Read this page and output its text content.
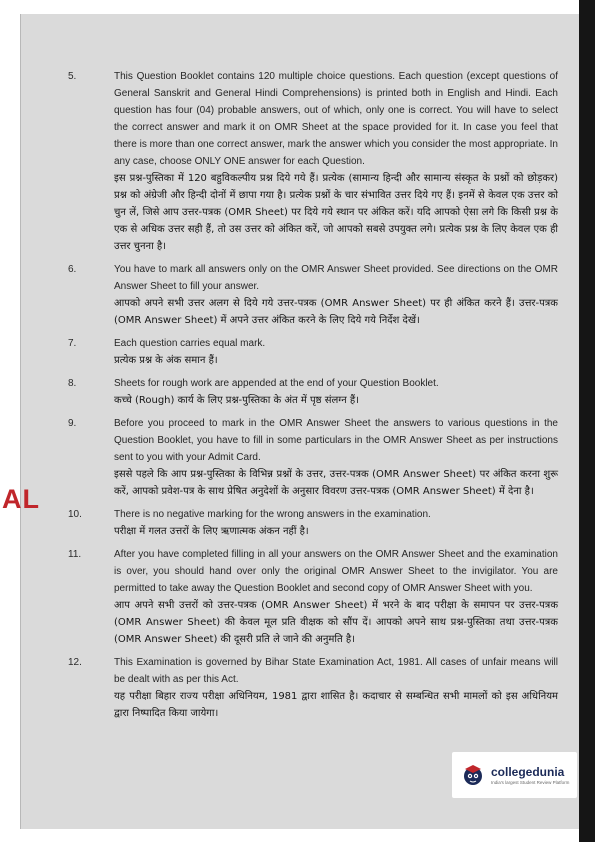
AL
5.	This Question Booklet contains 120 multiple choice questions. Each question (except questions of General Sanskrit and General Hindi Comprehensions) is printed both in English and Hindi. Each question has four (04) probable answers, out of which, only one is correct. You will have to select the correct answer and mark it on OMR Sheet at the space provided for it. In case you feel that there is more than one correct answer, mark the answer which you consider the most appropriate. In any case, choose ONLY ONE answer for each Question.

इस प्रश्न-पुस्तिका में 120 बहुविकल्पीय प्रश्न दिये गये हैं। प्रत्येक (सामान्य हिन्दी और सामान्य संस्कृत के प्रश्नों को छोड़कर) प्रश्न को अंग्रेजी और हिन्दी दोनों में छापा गया है। प्रत्येक प्रश्नों के चार संभावित उत्तर दिये गए हैं। इनमें से केवल एक उत्तर को चुन लें, जिसे आप उत्तर-पत्रक (OMR Sheet) पर दिये गये स्थान पर अंकित करें। यदि आपको ऐसा लगे कि किसी प्रश्न के एक से अधिक उत्तर सही हैं, तो उस उत्तर को अंकित करें, जो आपको सबसे उपयुक्त लगे। प्रत्येक प्रश्न के लिए केवल एक ही उत्तर चुनना है।

6.	You have to mark all answers only on the OMR Answer Sheet provided. See directions on the OMR Answer Sheet to fill your answer.

आपको अपने सभी उत्तर अलग से दिये गये उत्तर-पत्रक (OMR Answer Sheet) पर ही अंकित करने हैं। उत्तर-पत्रक (OMR Answer Sheet) में अपने उत्तर अंकित करने के लिए दिये गये निर्देश देखें।

7.	Each question carries equal mark.

प्रत्येक प्रश्न के अंक समान हैं।

8.	Sheets for rough work are appended at the end of your Question Booklet.

कच्चे (Rough) कार्य के लिए प्रश्न-पुस्तिका के अंत में पृष्ठ संलग्न हैं।

9.	Before you proceed to mark in the OMR Answer Sheet the answers to various questions in the Question Booklet, you have to fill in some particulars in the OMR Answer Sheet as per instructions sent to you with your Admit Card.

इससे पहले कि आप प्रश्न-पुस्तिका के विभिन्न प्रश्नों के उत्तर, उत्तर-पत्रक (OMR Answer Sheet) पर अंकित करना शुरू करें, आपको प्रवेश-पत्र के साथ प्रेषित अनुदेशों के अनुसार विवरण उत्तर-पत्रक (OMR Answer Sheet) में देना है।

10.	There is no negative marking for the wrong answers in the examination.

परीक्षा में गलत उत्तरों के लिए ऋणात्मक अंकन नहीं है।

11.	After you have completed filling in all your answers on the OMR Answer Sheet and the examination is over, you should hand over only the original OMR Answer Sheet to the invigilator. You are permitted to take away the Question Booklet and second copy of OMR Answer Sheet with you.

आप अपने सभी उत्तरों को उत्तर-पत्रक (OMR Answer Sheet) में भरने के बाद परीक्षा के समापन पर उत्तर-पत्रक (OMR Answer Sheet) की केवल मूल प्रति वीक्षक को सौंप दें। आपको अपने साथ प्रश्न-पुस्तिका तथा उत्तर-पत्रक (OMR Answer Sheet) की दूसरी प्रति ले जाने की अनुमति है।

12.	This Examination is governed by Bihar State Examination Act, 1981. All cases of unfair means will be dealt with as per this Act.

यह परीक्षा बिहार राज्य परीक्षा अधिनियम, 1981 द्वारा शासित है। कदाचार से सम्बन्धित सभी मामलों को इस अधिनियम द्वारा निष्पादित किया जायेगा।

collegedunia
India's largest Student Review Platform
